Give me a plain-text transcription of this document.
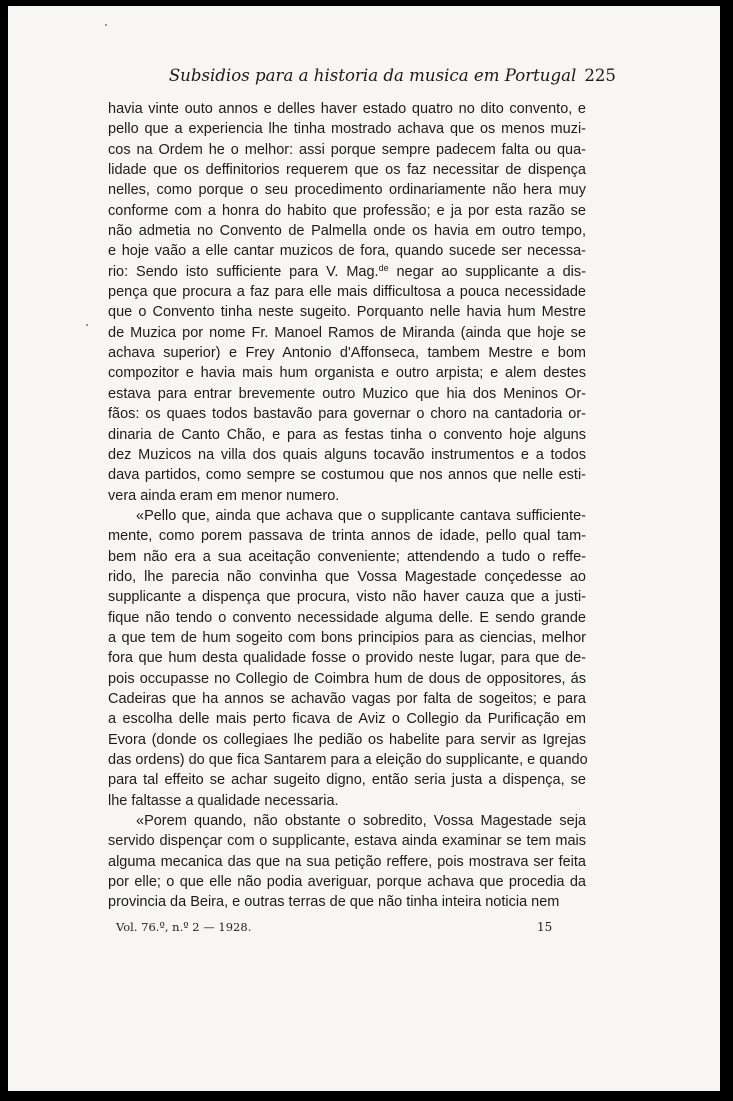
Subsidios para a historia da musica em Portugal 225
havia vinte outo annos e delles haver estado quatro no dito convento, e
pello que a experiencia lhe tinha mostrado achava que os menos muzi-
cos na Ordem he o melhor: assi porque sempre padecem falta ou qua-
lidade que os deffinitorios requerem que os faz necessitar de dispença
nelles, como porque o seu procedimento ordinariamente não hera muy
conforme com a honra do habito que professão; e ja por esta razão se
não admetia no Convento de Palmella onde os havia em outro tempo,
e hoje vaão a elle cantar muzicos de fora, quando sucede ser necessa-
rio: Sendo isto sufficiente para V. Mag.$^{de}$ negar ao supplicante a dis-
pença que procura a faz para elle mais difficultosa a pouca necessidade
que o Convento tinha neste sugeito. Porquanto nelle havia hum Mestre
de Muzica por nome Fr. Manoel Ramos de Miranda (ainda que hoje se
achava superior) e Frey Antonio d'Affonseca, tambem Mestre e bom
compozitor e havia mais hum organista e outro arpista; e alem destes
estava para entrar brevemente outro Muzico que hia dos Meninos Or-
fãos: os quaes todos bastavão para governar o choro na cantadoria or-
dinaria de Canto Chão, e para as festas tinha o convento hoje alguns
dez Muzicos na villa dos quais alguns tocavão instrumentos e a todos
dava partidos, como sempre se costumou que nos annos que nelle esti-
vera ainda eram em menor numero.
«Pello que, ainda que achava que o supplicante cantava sufficiente-
mente, como porem passava de trinta annos de idade, pello qual tam-
bem não era a sua aceitação conveniente; attendendo a tudo o reffe-
rido, lhe parecia não convinha que Vossa Magestade conçedesse ao
supplicante a dispença que procura, visto não haver cauza que a justi-
fique não tendo o convento necessidade alguma delle. E sendo grande
a que tem de hum sogeito com bons principios para as ciencias, melhor
fora que hum desta qualidade fosse o provido neste lugar, para que de-
pois occupasse no Collegio de Coimbra hum de dous de oppositores, ás
Cadeiras que ha annos se achavão vagas por falta de sogeitos; e para
a escolha delle mais perto ficava de Aviz o Collegio da Purificação em
Evora (donde os collegiaes lhe pedião os habelite para servir as Igrejas
das ordens) do que fica Santarem para a eleição do supplicante, e quando
para tal effeito se achar sugeito digno, então seria justa a dispença, se
lhe faltasse a qualidade necessaria.
«Porem quando, não obstante o sobredito, Vossa Magestade seja
servido dispençar com o supplicante, estava ainda examinar se tem mais
alguma mecanica das que na sua petição reffere, pois mostrava ser feita
por elle; o que elle não podia averiguar, porque achava que procedia da
provincia da Beira, e outras terras de que não tinha inteira noticia nem
Vol. 76.º, n.º 2 — 1928.	15
